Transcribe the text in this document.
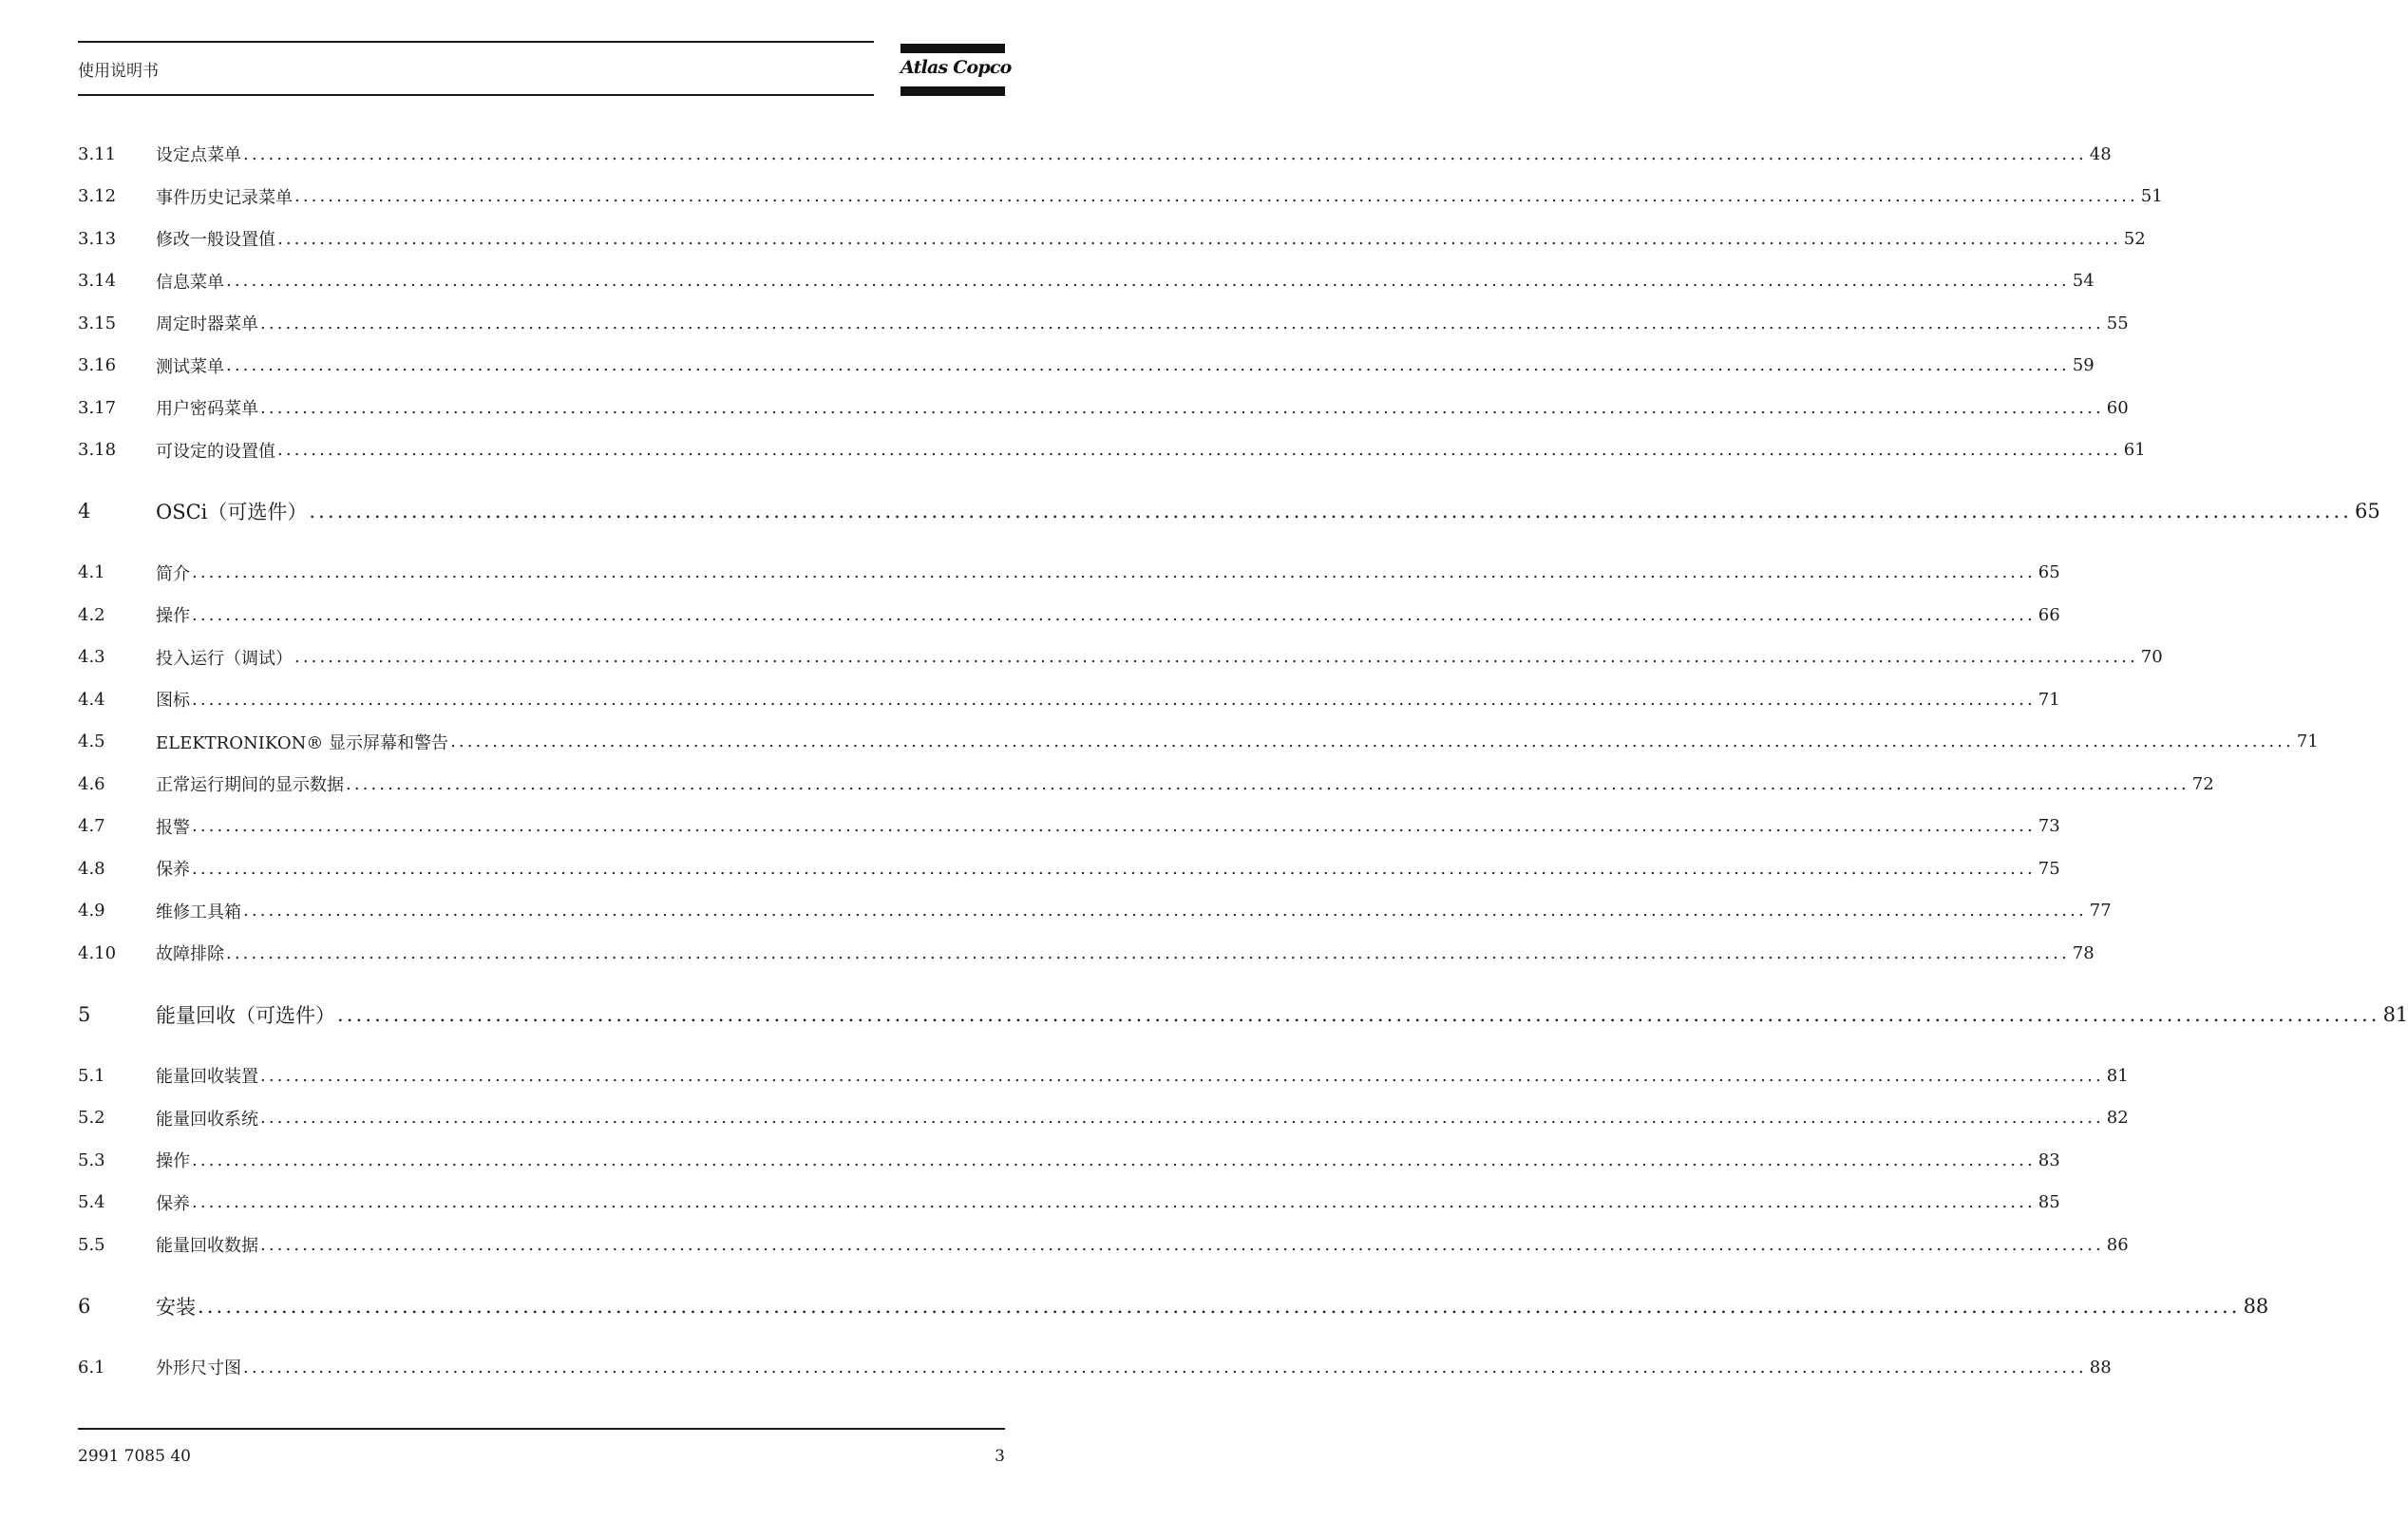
使用说明书	Atlas Copco
3.11	设定点菜单 ............................................................................................................................................................................................................................ 48
3.12	事件历史记录菜单 ............................................................................................................................................................................................................................ 51
3.13	修改一般设置值 ............................................................................................................................................................................................................................ 52
3.14	信息菜单 ............................................................................................................................................................................................................................ 54
3.15	周定时器菜单 ............................................................................................................................................................................................................................ 55
3.16	测试菜单 ............................................................................................................................................................................................................................ 59
3.17	用户密码菜单 ............................................................................................................................................................................................................................ 60
3.18	可设定的设置值 ............................................................................................................................................................................................................................ 61
4	OSCi（可选件） ............................................................................................................................................................................................................................ 65
4.1	简介 ............................................................................................................................................................................................................................ 65
4.2	操作 ............................................................................................................................................................................................................................ 66
4.3	投入运行（调试） ............................................................................................................................................................................................................................ 70
4.4	图标 ............................................................................................................................................................................................................................ 71
4.5	ELEKTRONIKON® 显示屏幕和警告 ............................................................................................................................................................................................................................ 71
4.6	正常运行期间的显示数据 ............................................................................................................................................................................................................................ 72
4.7	报警 ............................................................................................................................................................................................................................ 73
4.8	保养 ............................................................................................................................................................................................................................ 75
4.9	维修工具箱 ............................................................................................................................................................................................................................ 77
4.10	故障排除 ............................................................................................................................................................................................................................ 78
5	能量回收（可选件） ............................................................................................................................................................................................................................ 81
5.1	能量回收装置 ............................................................................................................................................................................................................................ 81
5.2	能量回收系统 ............................................................................................................................................................................................................................ 82
5.3	操作 ............................................................................................................................................................................................................................ 83
5.4	保养 ............................................................................................................................................................................................................................ 85
5.5	能量回收数据 ............................................................................................................................................................................................................................ 86
6	安装 ............................................................................................................................................................................................................................ 88
6.1	外形尺寸图 ............................................................................................................................................................................................................................ 88
2991 7085 40	3
